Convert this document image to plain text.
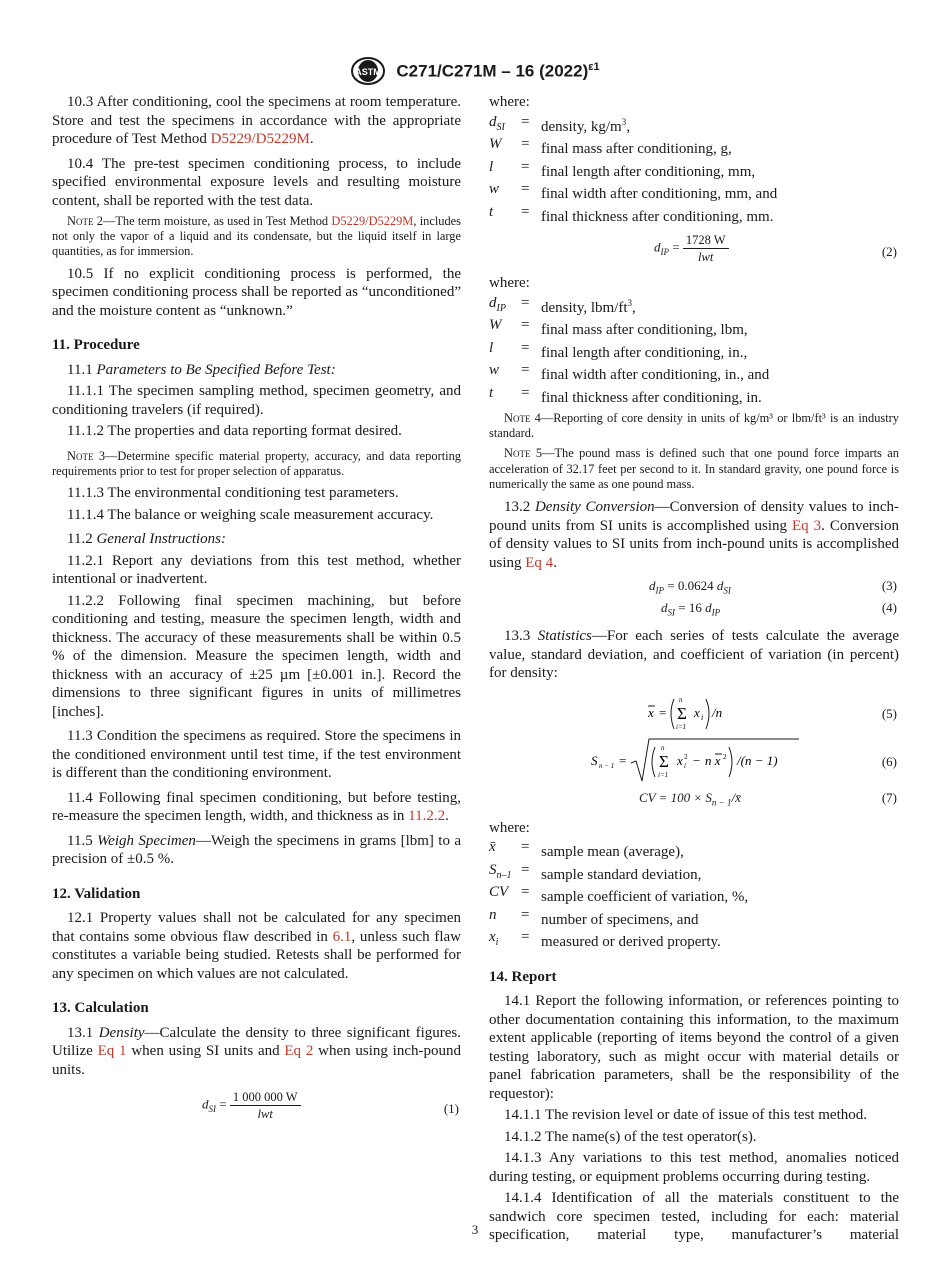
ASTM C271/C271M – 16 $(2022)^{\varepsilon 1}$

10.3 After conditioning, cool the specimens at room temperature. Store and test the specimens in accordance with the appropriate procedure of Test Method D5229/D5229M.

10.4 The pre-test specimen conditioning process, to include specified environmental exposure levels and resulting moisture content, shall be reported with the test data.

Note 2—The term moisture, as used in Test Method D5229/D5229M, includes not only the vapor of a liquid and its condensate, but the liquid itself in large quantities, as for immersion.

10.5 If no explicit conditioning process is performed, the specimen conditioning process shall be reported as “unconditioned” and the moisture content as “unknown.”

11. Procedure

11.1 Parameters to Be Specified Before Test:

11.1.1 The specimen sampling method, specimen geometry, and conditioning travelers (if required).

11.1.2 The properties and data reporting format desired.

Note 3—Determine specific material property, accuracy, and data reporting requirements prior to test for proper selection of apparatus.

11.1.3 The environmental conditioning test parameters.

11.1.4 The balance or weighing scale measurement accuracy.

11.2 General Instructions:

11.2.1 Report any deviations from this test method, whether intentional or inadvertent.

11.2.2 Following final specimen machining, but before conditioning and testing, measure the specimen length, width and thickness. The accuracy of these measurements shall be within 0.5 % of the dimension. Measure the specimen length, width and thickness with an accuracy of ±25 µm [±0.001 in.]. Record the dimensions to three significant figures in units of millimetres [inches].

11.3 Condition the specimens as required. Store the specimens in the conditioned environment until test time, if the test environment is different than the conditioning environment.

11.4 Following final specimen conditioning, but before testing, re-measure the specimen length, width, and thickness as in 11.2.2.

11.5 Weigh Specimen—Weigh the specimens in grams [lbm] to a precision of ±0.5 %.

12. Validation

12.1 Property values shall not be calculated for any specimen that contains some obvious flaw described in 6.1, unless such flaw constitutes a variable being studied. Retests shall be performed for any specimen on which values are not calculated.

13. Calculation

13.1 Density—Calculate the density to three significant figures. Utilize Eq 1 when using SI units and Eq 2 when using inch-pound units.

$d_{SI} = \frac{1 000 000 W}{\text{lwt}}$	(1)

where:

$d_{SI}$	=	density, $kg/m^3$,
W	=	final mass after conditioning, g,
l	=	final length after conditioning, mm,
w	=	final width after conditioning, mm, and
t	=	final thickness after conditioning, mm.
$d_{IP} = \frac{1728 W}{\text{lwt}}$	(2)

where:

$d_{IP}$	=	density, lbm/$ft^3$,
W	=	final mass after conditioning, lbm,
l	=	final length after conditioning, in.,
w	=	final width after conditioning, in., and
t	=	final thickness after conditioning, in.

Note 4—Reporting of core density in units of kg/m³ or lbm/ft³ is an industry standard.

Note 5—The pound mass is defined such that one pound force imparts an acceleration of 32.17 feet per second to it. In standard gravity, one pound force is numerically the same as one pound mass.

13.2 Density Conversion—Conversion of density values to inch-pound units from SI units is accomplished using Eq 3. Conversion of density values to SI units from inch-pound units is accomplished using Eq 4.

$d_{IP} = 0.0624$ $d_{SI}$	(3)
$d_{SI} = 16$ $d_{IP}$	(4)

13.3 Statistics—For each series of tests calculate the average value, standard deviation, and coefficient of variation (in percent) for density:

x =
n
Σ
i=1
x i /n	(5)
S n − 1 =
n
Σ
i=1
x 2
i − n x 2 /(n − 1)	(6)
CV = $100 \times S_{n - 1}/x̄$	(7)

where:

x̄	=	sample mean (average),
$S_{n-1}$	=	sample standard deviation,
CV	=	sample coefficient of variation, %,
n	=	number of specimens, and
$x_i$	=	measured or derived property.
14. Report

14.1 Report the following information, or references pointing to other documentation containing this information, to the maximum extent applicable (reporting of items beyond the control of a given testing laboratory, such as might occur with material details or panel fabrication parameters, shall be the responsibility of the requestor):

14.1.1 The revision level or date of issue of this test method.

14.1.2 The name(s) of the test operator(s).

14.1.3 Any variations to this test method, anomalies noticed during testing, or equipment problems occurring during testing.

14.1.4 Identification of all the materials constituent to the sandwich core specimen tested, including for each: material specification, material type, manufacturer’s material

3
